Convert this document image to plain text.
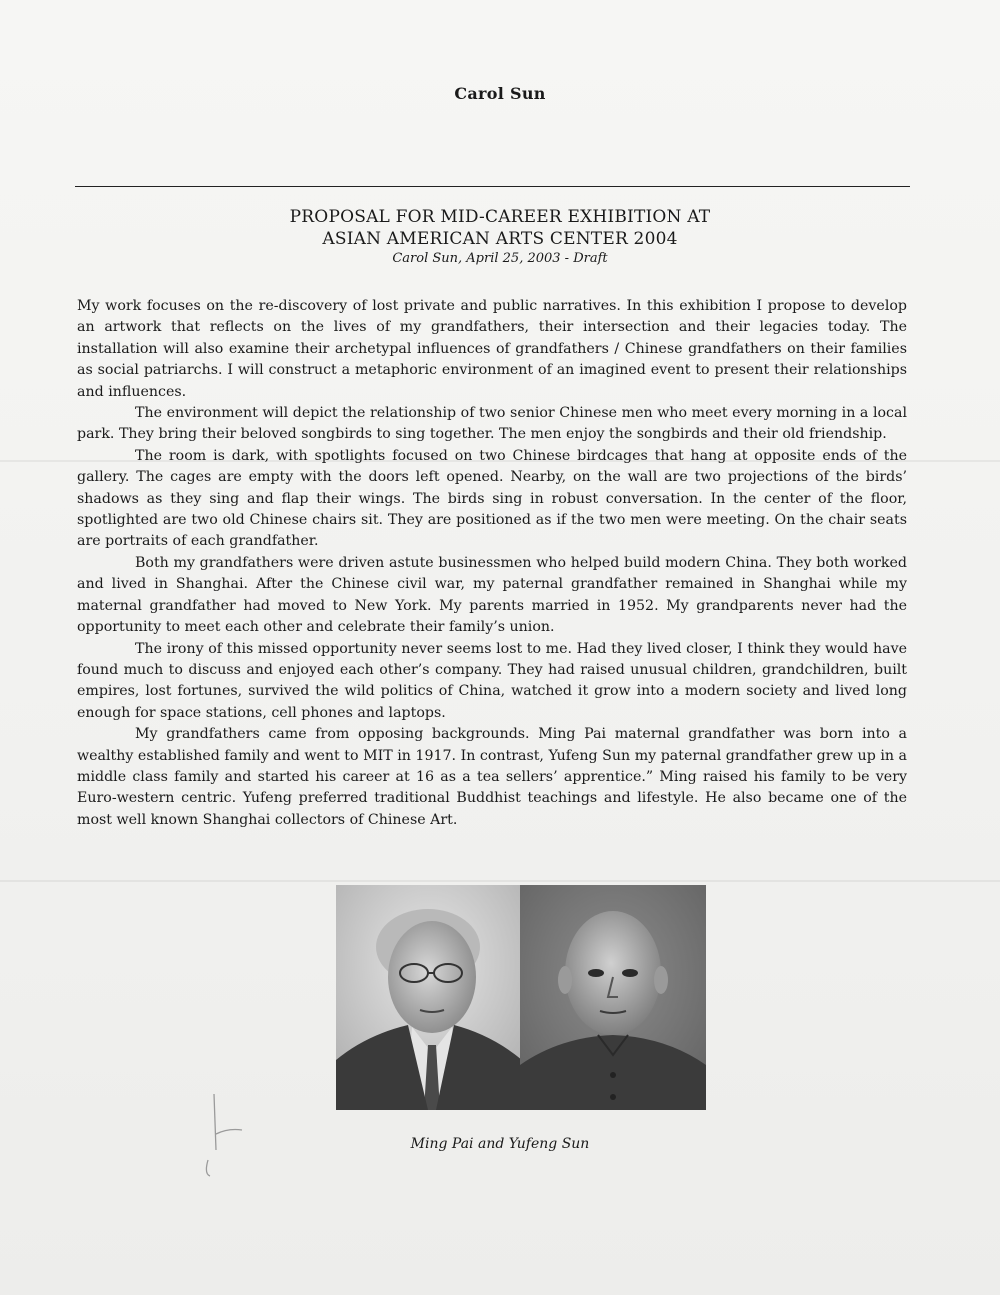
Carol Sun
PROPOSAL FOR MID-CAREER EXHIBITION AT
ASIAN AMERICAN ARTS CENTER 2004
Carol Sun, April 25, 2003 - Draft

My work focuses on the re-discovery of lost private and public narratives. In this exhibition I propose to develop an artwork that reflects on the lives of my grandfathers, their intersection and their legacies today. The installation will also examine their archetypal influences of grandfathers / Chinese grandfathers on their families as social patriarchs. I will construct a metaphoric environment of an imagined event to present their relationships and influences.

The environment will depict the relationship of two senior Chinese men who meet every morning in a local park. They bring their beloved songbirds to sing together. The men enjoy the songbirds and their old friendship.

The room is dark, with spotlights focused on two Chinese birdcages that hang at opposite ends of the gallery. The cages are empty with the doors left opened. Nearby, on the wall are two projections of the birds’ shadows as they sing and flap their wings. The birds sing in robust conversation. In the center of the floor, spotlighted are two old Chinese chairs sit. They are positioned as if the two men were meeting. On the chair seats are portraits of each grandfather.

Both my grandfathers were driven astute businessmen who helped build modern China. They both worked and lived in Shanghai. After the Chinese civil war, my paternal grandfather remained in Shanghai while my maternal grandfather had moved to New York. My parents married in 1952. My grandparents never had the opportunity to meet each other and celebrate their family’s union.

The irony of this missed opportunity never seems lost to me. Had they lived closer, I think they would have found much to discuss and enjoyed each other’s company. They had raised unusual children, grandchildren, built empires, lost fortunes, survived the wild politics of China, watched it grow into a modern society and lived long enough for space stations, cell phones and laptops.

My grandfathers came from opposing backgrounds. Ming Pai maternal grandfather was born into a wealthy established family and went to MIT in 1917. In contrast, Yufeng Sun my paternal grandfather grew up in a middle class family and started his career at 16 as a tea sellers’ apprentice.” Ming raised his family to be very Euro-western centric. Yufeng preferred traditional Buddhist teachings and lifestyle. He also became one of the most well known Shanghai collectors of Chinese Art.

Ming Pai and Yufeng Sun
